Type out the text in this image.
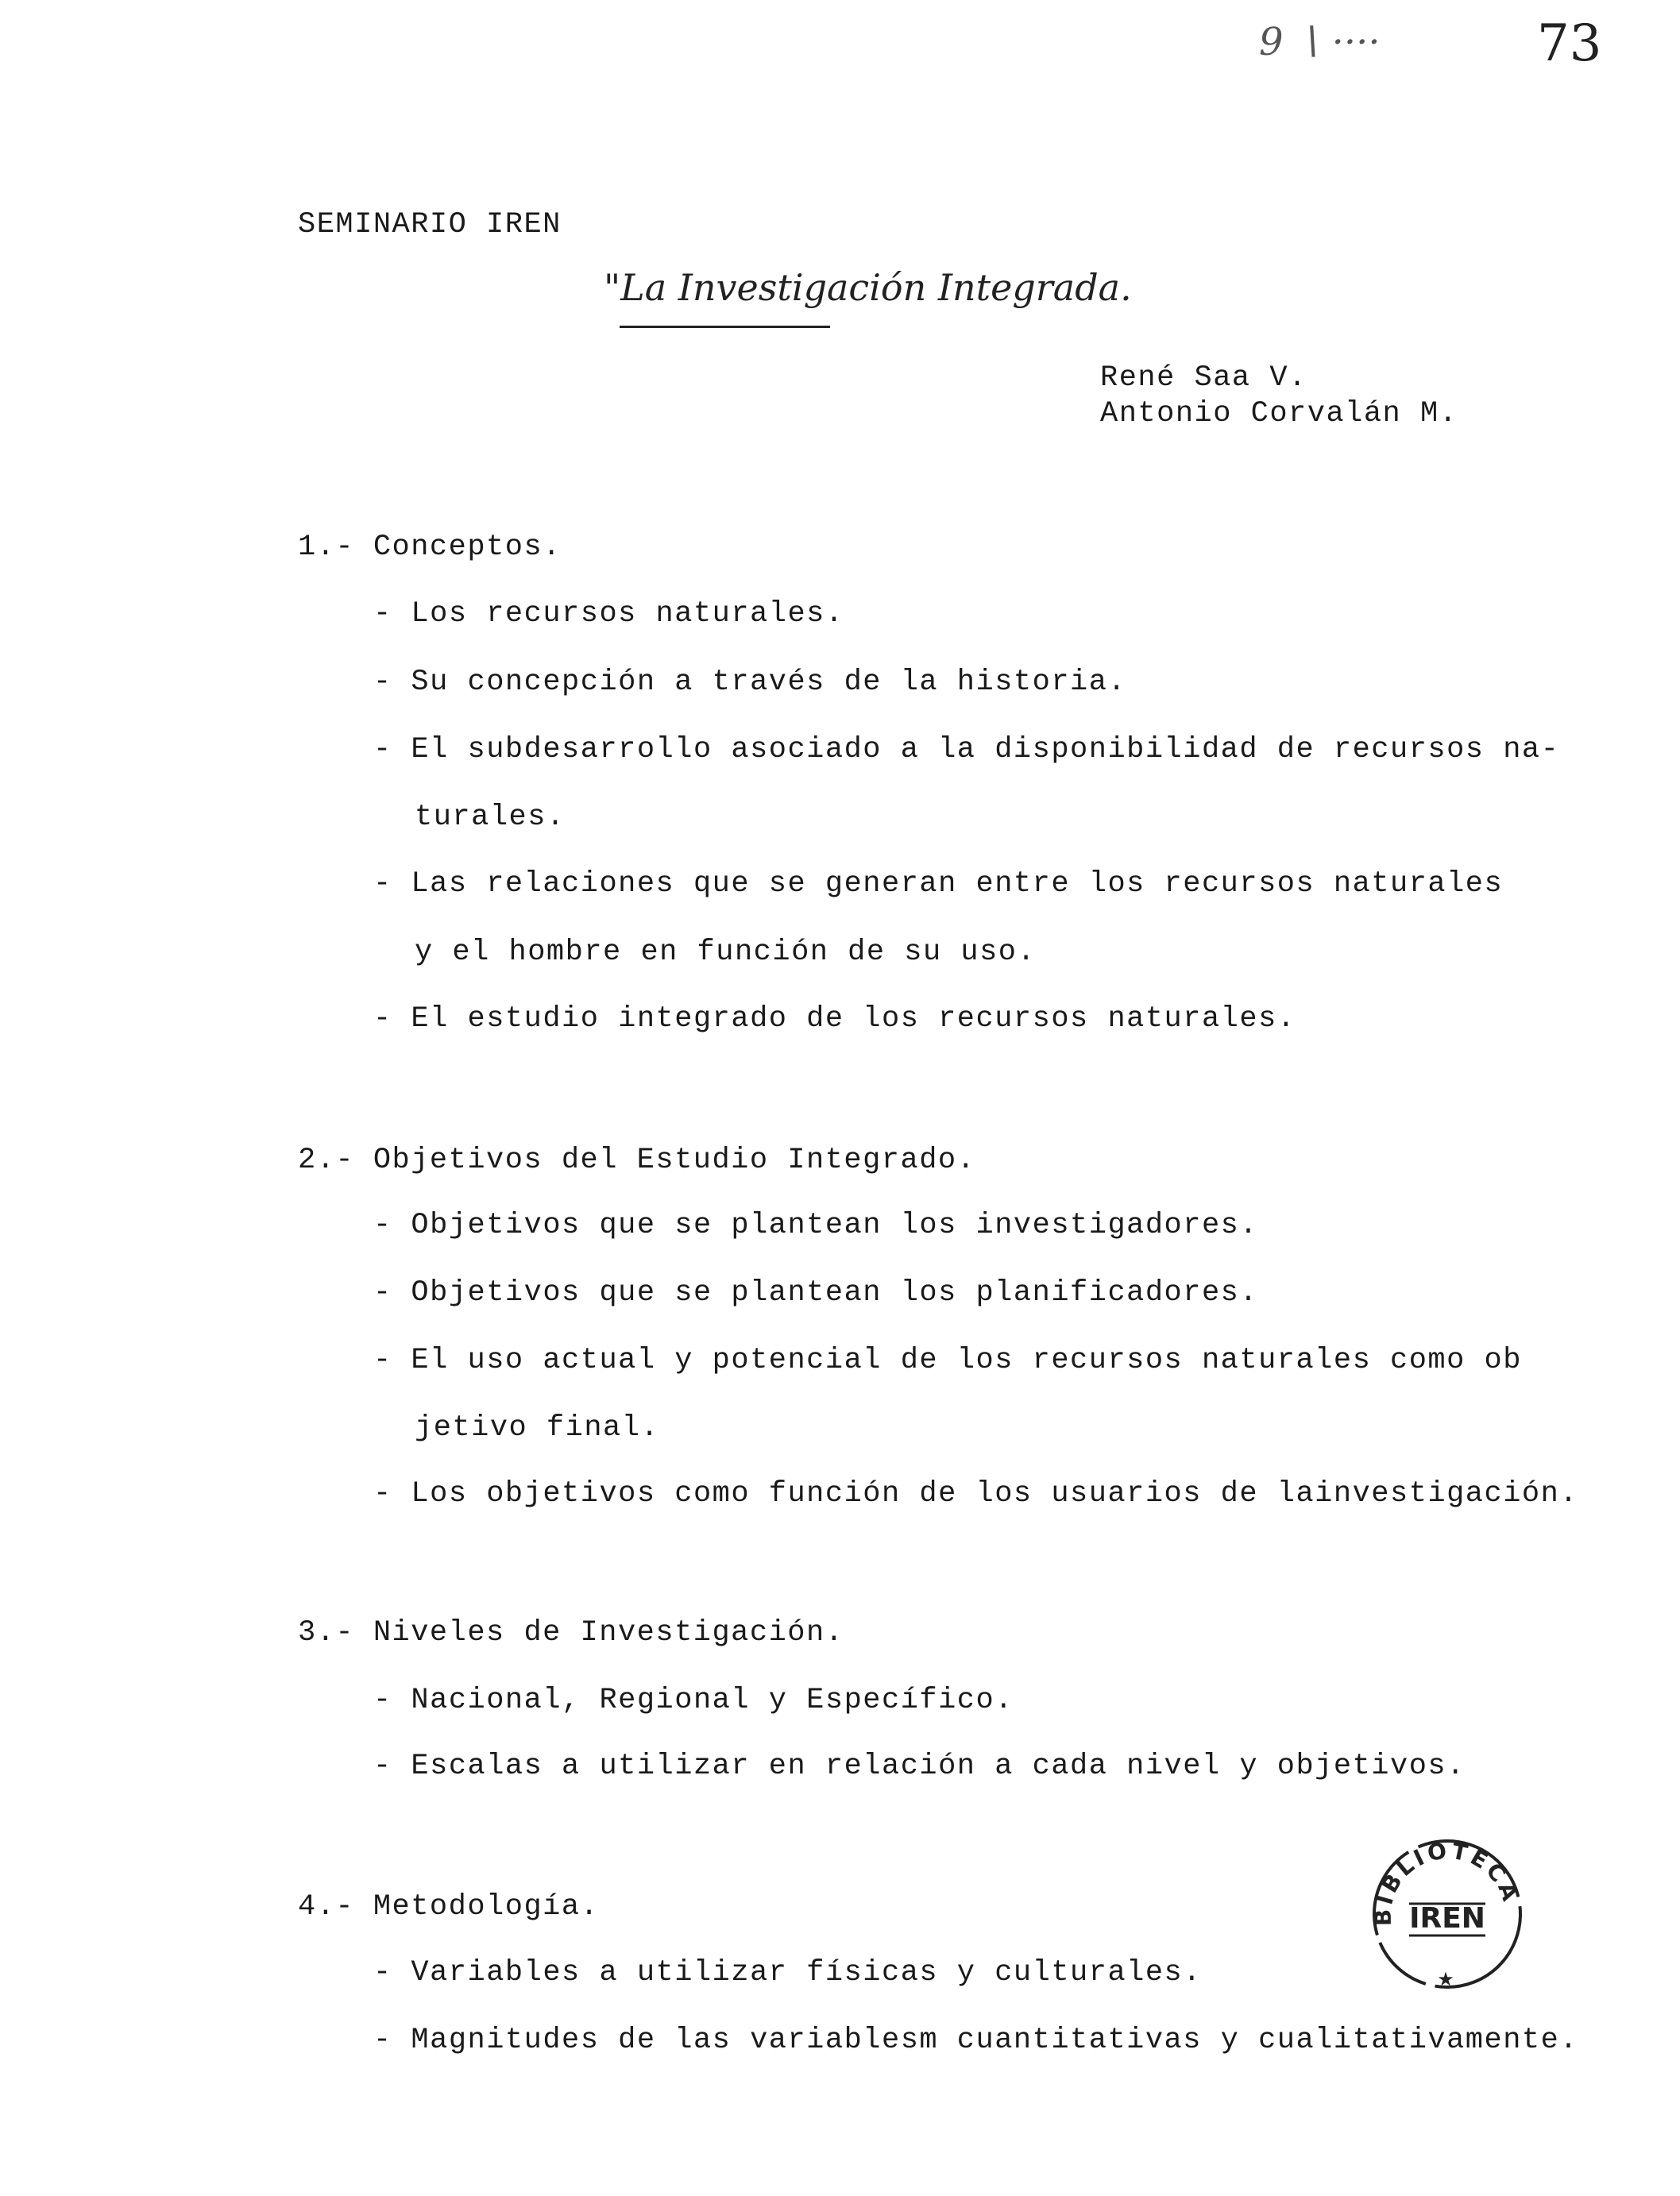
9 ∖ ····	73
SEMINARIO IREN
"La Investigación Integrada.
René Saa V.
Antonio Corvalán M.
1.- Conceptos.
- Los recursos naturales.
- Su concepción a través de la historia.
- El subdesarrollo asociado a la disponibilidad de recursos na-
turales.
- Las relaciones que se generan entre los recursos naturales
y el hombre en función de su uso.
- El estudio integrado de los recursos naturales.
2.- Objetivos del Estudio Integrado.
- Objetivos que se plantean los investigadores.
- Objetivos que se plantean los planificadores.
- El uso actual y potencial de los recursos naturales como ob
jetivo final.
- Los objetivos como función de los usuarios de lainvestigación.
3.- Niveles de Investigación.
- Nacional, Regional y Específico.
- Escalas a utilizar en relación a cada nivel y objetivos.
4.- Metodología.
- Variables a utilizar físicas y culturales.
- Magnitudes de las variablesm cuantitativas y cualitativamente.
BIBLIOTECA
IREN
★
